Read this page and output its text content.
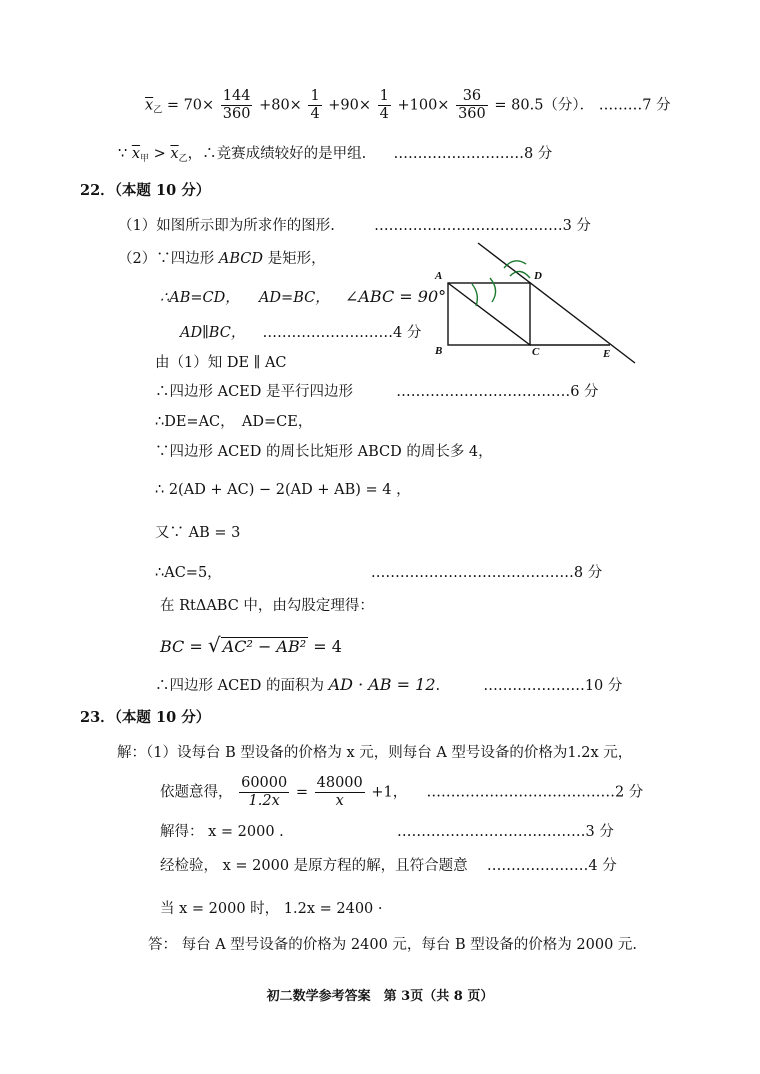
$\overline{x}_乙 = 70\times \frac{144}{360} +80\times \frac{1}{4} +90\times \frac{1}{4} +100\times \frac{36}{360} = 80.5$（分）． ………7 分
∵ $\overline{x}_甲 > \overline{x}_乙$，∴竞赛成绩较好的是甲组. ………………………8 分
22．（本题 10 分）
（1）如图所示即为所求作的图形.	…………………………………3 分
（2）∵四边形 ABCD 是矩形，
∴AB=CD， AD=BC， ∠ABC = 90°
AD∥BC， ………………………4 分
由（1）知 DE ∥ AC
∴四边形 ACED 是平行四边形	………………………………6 分
∴DE=AC，　AD=CE，
∵四边形 ACED 的周长比矩形 ABCD 的周长多 4，
∴ 2(AD + AC) − 2(AD + AB) = 4 ，
又∵ AB = 3
∴AC=5，	……………………………………8 分
在 RtΔABC 中，由勾股定理得：
BC = √ AC² − AB² = 4
∴四边形 ACED 的面积为 AD · AB = 12.	…………………10 分
A
B	C
D
E
23．（本题 10 分）
解：（1）设每台 B 型设备的价格为 x 元，则每台 A 型号设备的价格为1.2x 元，
依题意得， $\frac{60000}{1.2x} = \frac{48000}{x} +1$， …………………………………2 分
解得： x = 2000 .	…………………………………3 分
经检验， x = 2000 是原方程的解，且符合题意 …………………4 分
当 x = 2000 时， 1.2x = 2400 ·
答： 每台 A 型号设备的价格为 2400 元，每台 B 型设备的价格为 2000 元.
初二数学参考答案　第 3页（共 8 页）
